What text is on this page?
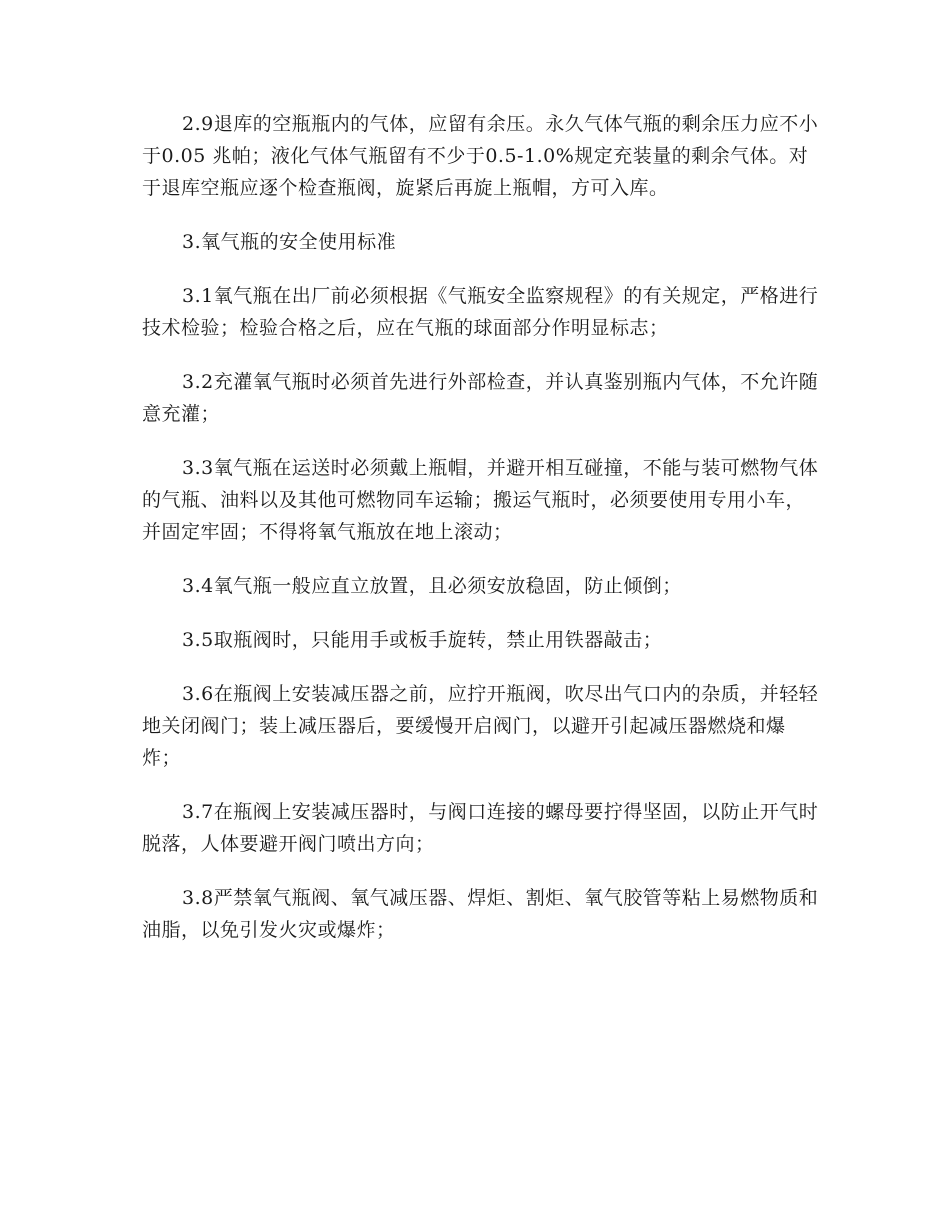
2.9退库的空瓶瓶内的气体，应留有余压。永久气体气瓶的剩余压力应不小于0.05 兆帕；液化气体气瓶留有不少于0.5-1.0%规定充装量的剩余气体。对于退库空瓶应逐个检查瓶阀，旋紧后再旋上瓶帽，方可入库。

3.氧气瓶的安全使用标准

3.1氧气瓶在出厂前必须根据《气瓶安全监察规程》的有关规定，严格进行技术检验；检验合格之后，应在气瓶的球面部分作明显标志；

3.2充灌氧气瓶时必须首先进行外部检查，并认真鉴别瓶内气体，不允许随意充灌；

3.3氧气瓶在运送时必须戴上瓶帽，并避开相互碰撞，不能与装可燃物气体的气瓶、油料以及其他可燃物同车运输；搬运气瓶时，必须要使用专用小车，并固定牢固；不得将氧气瓶放在地上滚动；

3.4氧气瓶一般应直立放置，且必须安放稳固，防止倾倒；

3.5取瓶阀时，只能用手或板手旋转，禁止用铁器敲击；

3.6在瓶阀上安装减压器之前，应拧开瓶阀，吹尽出气口内的杂质，并轻轻地关闭阀门；装上减压器后，要缓慢开启阀门，以避开引起减压器燃烧和爆炸；

3.7在瓶阀上安装减压器时，与阀口连接的螺母要拧得坚固，以防止开气时脱落，人体要避开阀门喷出方向；

3.8严禁氧气瓶阀、氧气减压器、焊炬、割炬、氧气胶管等粘上易燃物质和油脂，以免引发火灾或爆炸；
